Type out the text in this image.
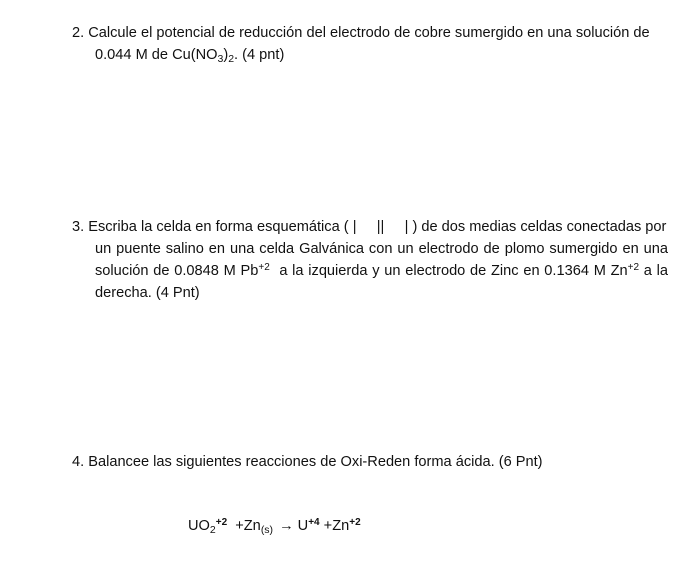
2. Calcule el potencial de reducción del electrodo de cobre sumergido en una solución de
0.044 M de $Cu(NO_3)_2$. (4 pnt)
3. Escriba la celda en forma esquemática ( |     ||     | ) de dos medias celdas conectadas por
un puente salino en una celda Galvánica con un electrodo de plomo sumergido en una
solución de 0.0848 M $Pb^{+2}$ a la izquierda y un electrodo de Zinc en 0.1364 M $Zn^{+2}$ a la
derecha. (4 Pnt)
4. Balancee las siguientes reacciones de Oxi-Reden forma ácida. (6 Pnt)
$UO_2^{+2} +Zn_{(s)} \to U^{+4} +Zn^{+2}$
